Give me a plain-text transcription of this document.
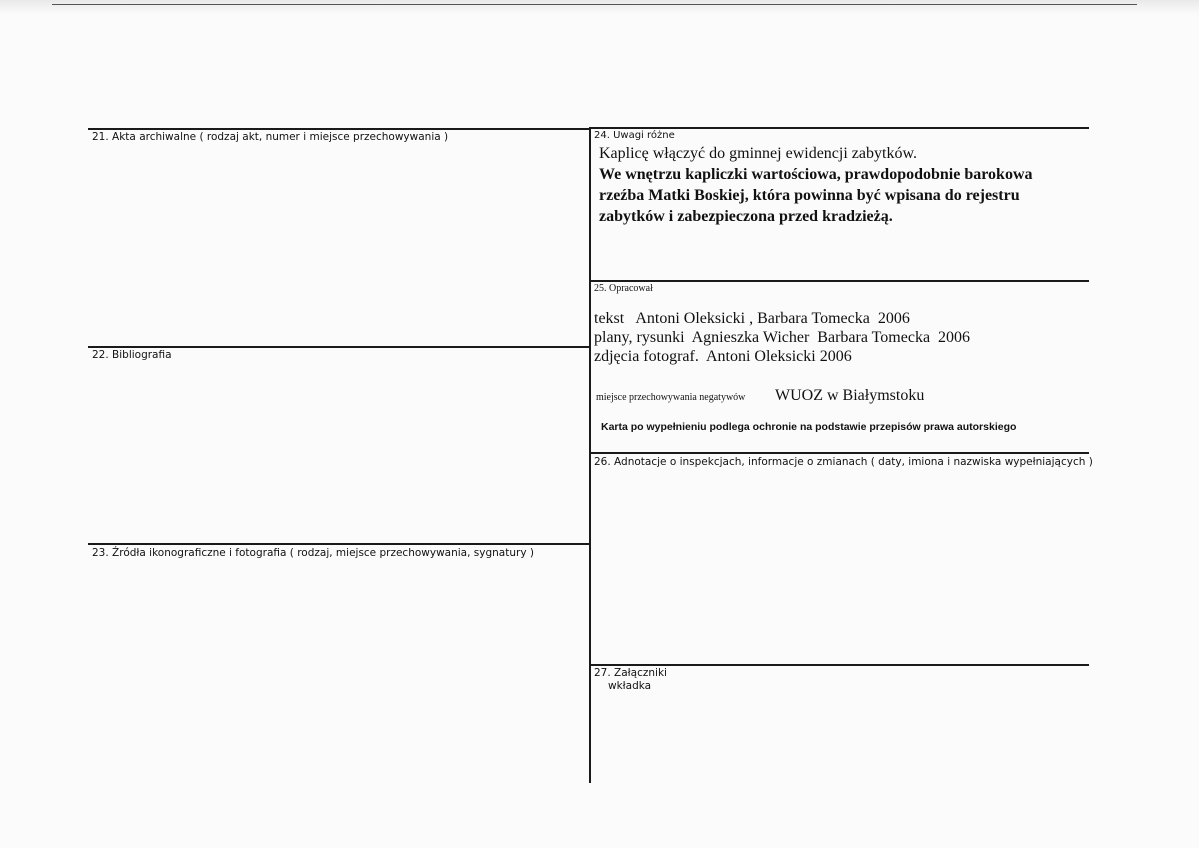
21. Akta archiwalne ( rodzaj akt, numer i miejsce przechowywania )
22. Bibliografia
23. Źródła ikonograficzne i fotografia ( rodzaj, miejsce przechowywania, sygnatury )
24. Uwagi różne
Kaplicę włączyć do gminnej ewidencji zabytków.
We wnętrzu kapliczki wartościowa, prawdopodobnie barokowa rzeźba Matki Boskiej, która powinna być wpisana do rejestru zabytków i zabezpieczona przed kradzieżą.
25. Opracował
tekst   Antoni Oleksicki , Barbara Tomecka  2006
plany, rysunki  Agnieszka Wicher  Barbara Tomecka  2006
zdjęcia fotograf.  Antoni Oleksicki 2006
miejsce przechowywania negatywów WUOZ w Białymstoku
Karta po wypełnieniu podlega ochronie na podstawie przepisów prawa autorskiego
26. Adnotacje o inspekcjach, informacje o zmianach ( daty, imiona i nazwiska wypełniających )
27. Załączniki
wkładka
